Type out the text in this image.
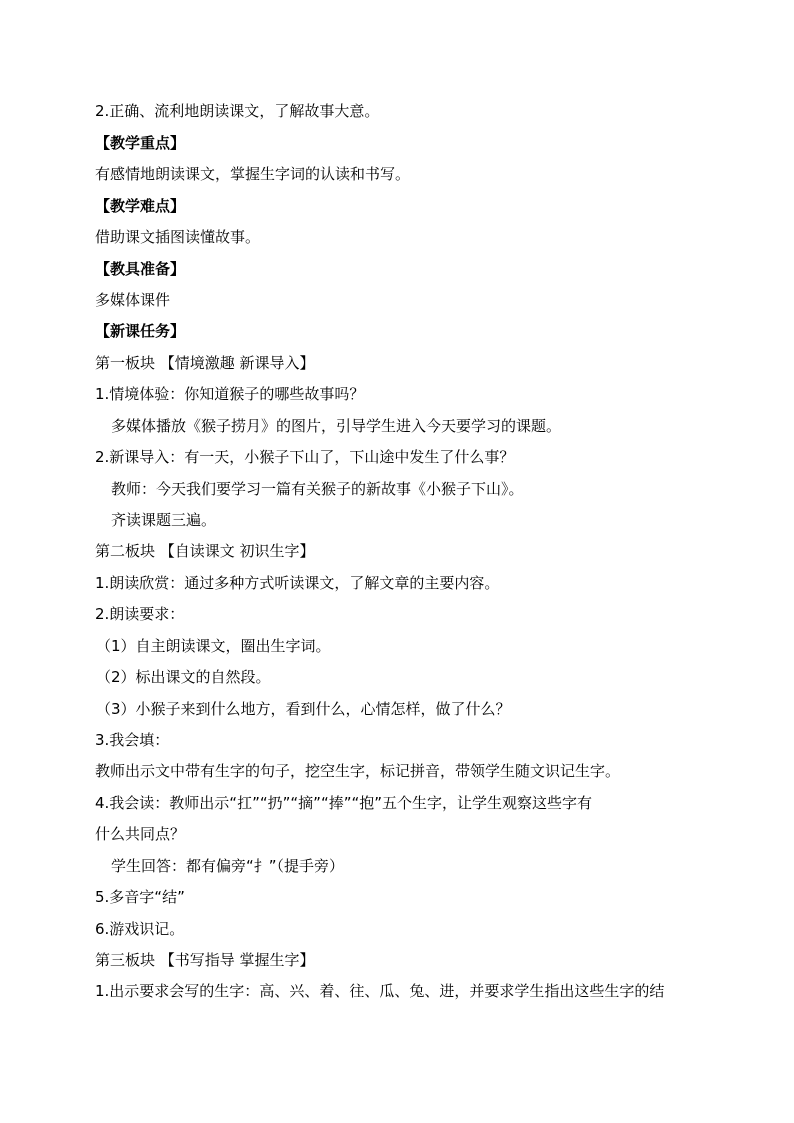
2.正确、流利地朗读课文，了解故事大意。
【教学重点】
有感情地朗读课文，掌握生字词的认读和书写。
【教学难点】
借助课文插图读懂故事。
【教具准备】
多媒体课件
【新课任务】
第一板块 【情境激趣 新课导入】
1.情境体验：你知道猴子的哪些故事吗？
多媒体播放《猴子捞月》的图片，引导学生进入今天要学习的课题。
2.新课导入：有一天，小猴子下山了，下山途中发生了什么事？
教师：今天我们要学习一篇有关猴子的新故事《小猴子下山》。
齐读课题三遍。
第二板块 【自读课文 初识生字】
1.朗读欣赏：通过多种方式听读课文，了解文章的主要内容。
2.朗读要求：
（1）自主朗读课文，圈出生字词。
（2）标出课文的自然段。
（3）小猴子来到什么地方，看到什么，心情怎样，做了什么？
3.我会填：
教师出示文中带有生字的句子，挖空生字，标记拼音，带领学生随文识记生字。
4.我会读：教师出示“扛”“扔”“摘”“捧”“抱”五个生字，让学生观察这些字有
什么共同点？
学生回答：都有偏旁“扌”（提手旁）
5.多音字“结”
6.游戏识记。
第三板块 【书写指导 掌握生字】
1.出示要求会写的生字：高、兴、着、往、瓜、兔、进，并要求学生指出这些生字的结
